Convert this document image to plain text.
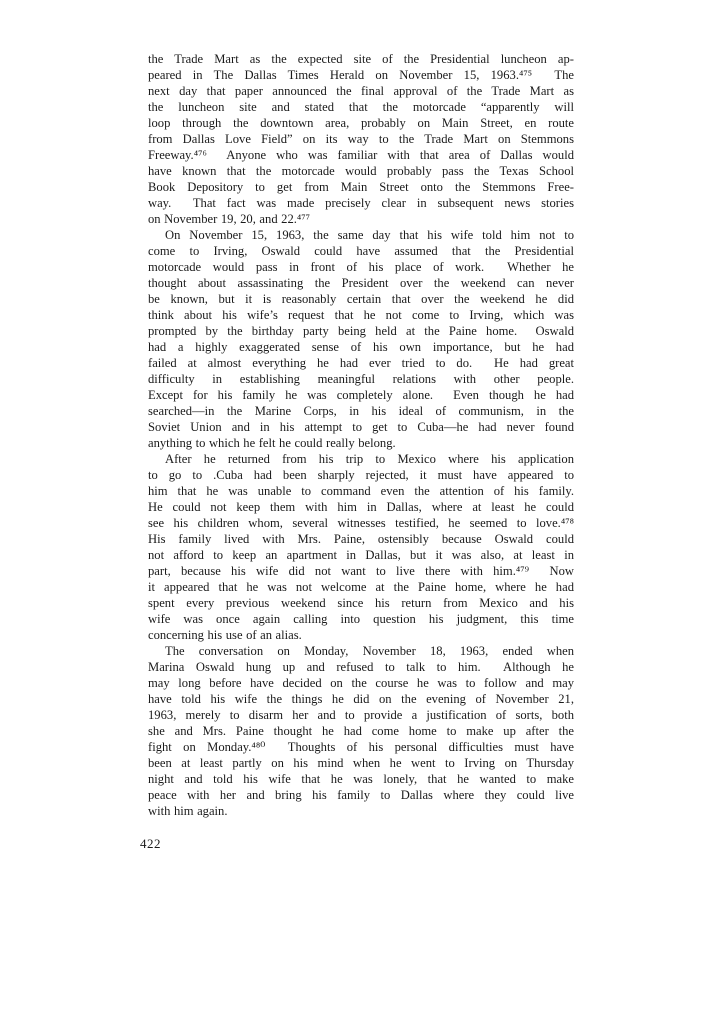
the Trade Mart as the expected site of the Presidential luncheon ap-
peared in The Dallas Times Herald on November 15, 1963.⁴⁷⁵  The
next day that paper announced the final approval of the Trade Mart as
the luncheon site and stated that the motorcade “apparently will
loop through the downtown area, probably on Main Street, en route
from Dallas Love Field” on its way to the Trade Mart on Stemmons
Freeway.⁴⁷⁶  Anyone who was familiar with that area of Dallas would
have known that the motorcade would probably pass the Texas School
Book Depository to get from Main Street onto the Stemmons Free-
way.  That fact was made precisely clear in subsequent news stories
on November 19, 20, and 22.⁴⁷⁷
On November 15, 1963, the same day that his wife told him not to
come to Irving, Oswald could have assumed that the Presidential
motorcade would pass in front of his place of work.  Whether he
thought about assassinating the President over the weekend can never
be known, but it is reasonably certain that over the weekend he did
think about his wife’s request that he not come to Irving, which was
prompted by the birthday party being held at the Paine home.  Oswald
had a highly exaggerated sense of his own importance, but he had
failed at almost everything he had ever tried to do.  He had great
difficulty in establishing meaningful relations with other people.
Except for his family he was completely alone.  Even though he had
searched—in the Marine Corps, in his ideal of communism, in the
Soviet Union and in his attempt to get to Cuba—he had never found
anything to which he felt he could really belong.
After he returned from his trip to Mexico where his application
to go to .Cuba had been sharply rejected, it must have appeared to
him that he was unable to command even the attention of his family.
He could not keep them with him in Dallas, where at least he could
see his children whom, several witnesses testified, he seemed to love.⁴⁷⁸
His family lived with Mrs. Paine, ostensibly because Oswald could
not afford to keep an apartment in Dallas, but it was also, at least in
part, because his wife did not want to live there with him.⁴⁷⁹  Now
it appeared that he was not welcome at the Paine home, where he had
spent every previous weekend since his return from Mexico and his
wife was once again calling into question his judgment, this time
concerning his use of an alias.
The conversation on Monday, November 18, 1963, ended when
Marina Oswald hung up and refused to talk to him.  Although he
may long before have decided on the course he was to follow and may
have told his wife the things he did on the evening of November 21,
1963, merely to disarm her and to provide a justification of sorts, both
she and Mrs. Paine thought he had come home to make up after the
fight on Monday.⁴⁸⁰  Thoughts of his personal difficulties must have
been at least partly on his mind when he went to Irving on Thursday
night and told his wife that he was lonely, that he wanted to make
peace with her and bring his family to Dallas where they could live
with him again.
422
